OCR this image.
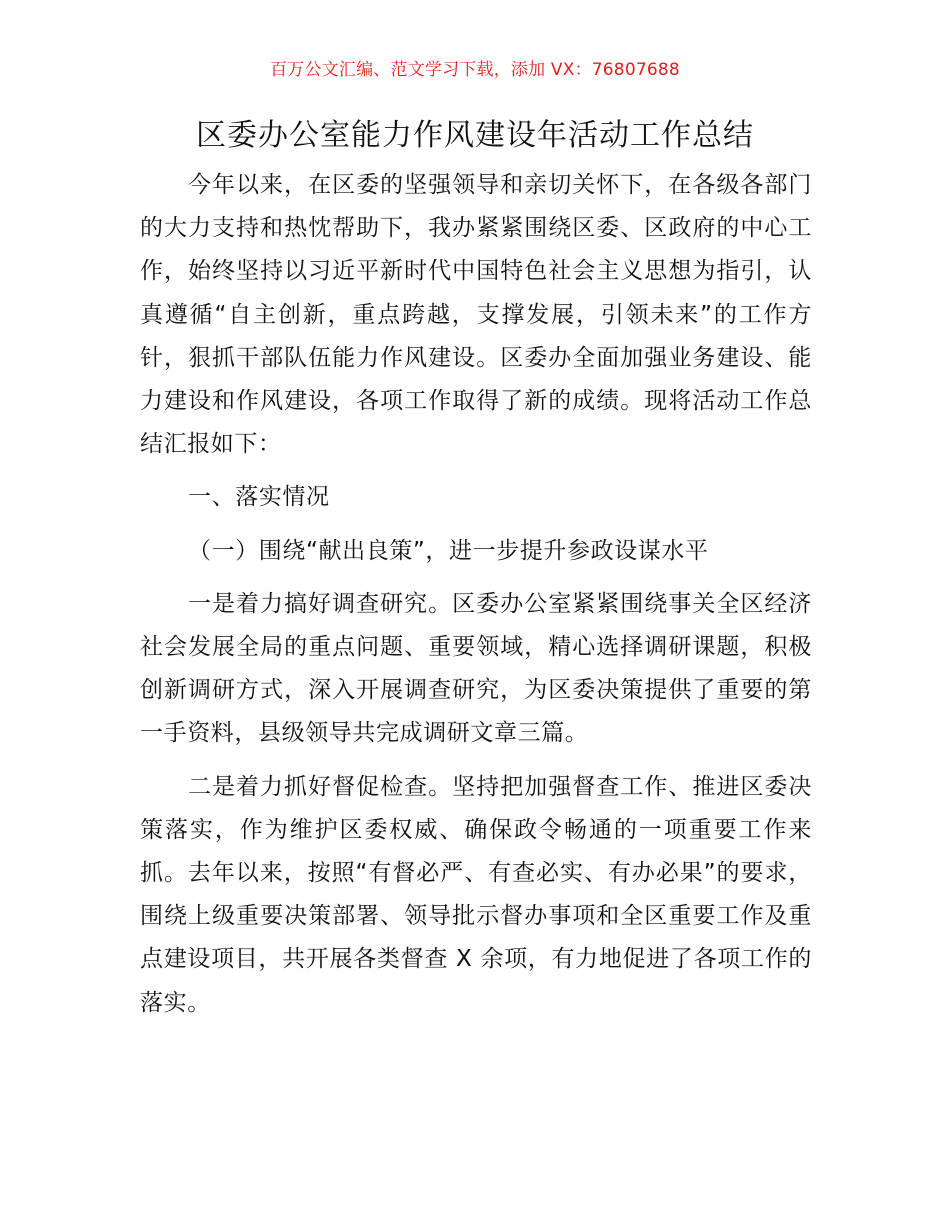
百万公文汇编、范文学习下载，添加 VX：76807688
区委办公室能力作风建设年活动工作总结

今年以来，在区委的坚强领导和亲切关怀下，在各级各部门的大力支持和热忱帮助下，我办紧紧围绕区委、区政府的中心工作，始终坚持以习近平新时代中国特色社会主义思想为指引，认真遵循“自主创新，重点跨越，支撑发展，引领未来”的工作方针，狠抓干部队伍能力作风建设。区委办全面加强业务建设、能力建设和作风建设，各项工作取得了新的成绩。现将活动工作总结汇报如下：

一、落实情况

（一）围绕“献出良策”，进一步提升参政设谋水平

一是着力搞好调查研究。区委办公室紧紧围绕事关全区经济社会发展全局的重点问题、重要领域，精心选择调研课题，积极创新调研方式，深入开展调查研究，为区委决策提供了重要的第一手资料，县级领导共完成调研文章三篇。

二是着力抓好督促检查。坚持把加强督查工作、推进区委决策落实，作为维护区委权威、确保政令畅通的一项重要工作来抓。去年以来，按照“有督必严、有查必实、有办必果”的要求，围绕上级重要决策部署、领导批示督办事项和全区重要工作及重点建设项目，共开展各类督查 X 余项，有力地促进了各项工作的落实。
